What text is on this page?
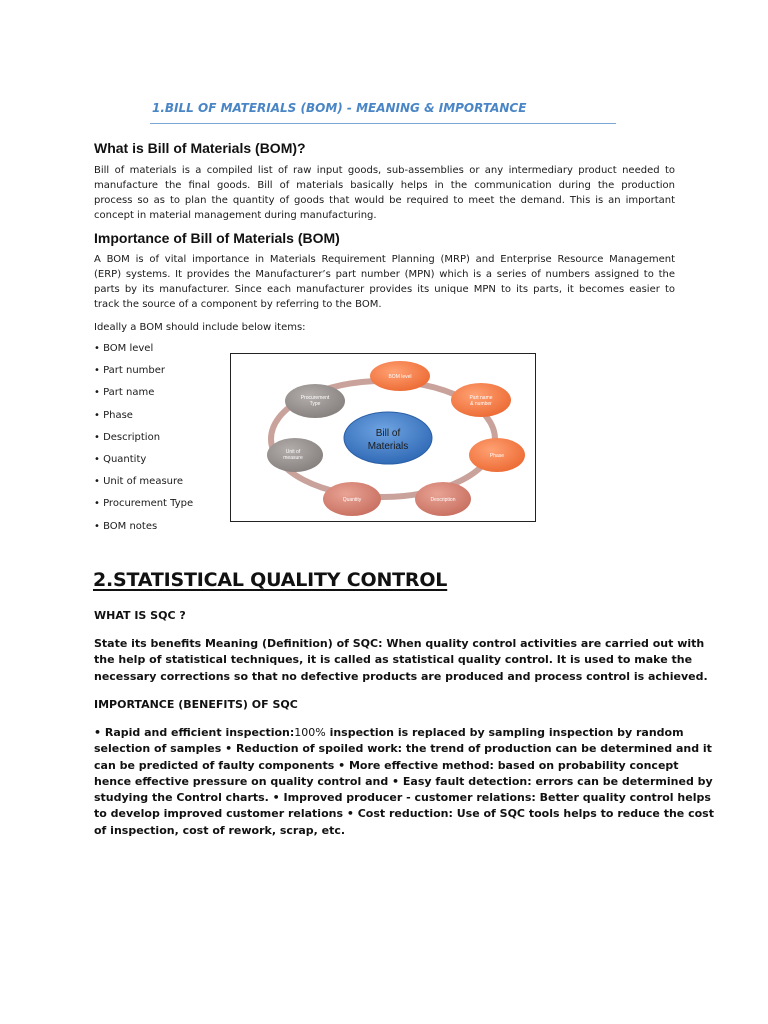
1.BILL OF MATERIALS (BOM) - MEANING & IMPORTANCE
What is Bill of Materials (BOM)?
Bill of materials is a compiled list of raw input goods, sub-assemblies or any intermediary product needed to
manufacture the final goods. Bill of materials basically helps in the communication during the production
process so as to plan the quantity of goods that would be required to meet the demand. This is an important
concept in material management during manufacturing.
Importance of Bill of Materials (BOM)
A BOM is of vital importance in Materials Requirement Planning (MRP) and Enterprise Resource Management
(ERP) systems. It provides the Manufacturer’s part number (MPN) which is a series of numbers assigned to the
parts by its manufacturer. Since each manufacturer provides its unique MPN to its parts, it becomes easier to
track the source of a component by referring to the BOM.
Ideally a BOM should include below items:
• BOM level
• Part number
• Part name
• Phase
• Description
• Quantity
• Unit of measure
• Procurement Type
• BOM notes
Bill of
Materials
BOM level
Part name
& number
Phase
Description
Quantity
Unit of
measure
Procurement
Type
2.STATISTICAL QUALITY CONTROL
WHAT IS SQC ?
State its benefits Meaning (Definition) of SQC: When quality control activities are carried out with
the help of statistical techniques, it is called as statistical quality control. It is used to make the
necessary corrections so that no defective products are produced and process control is achieved.
IMPORTANCE (BENEFITS) OF SQC
• Rapid and efficient inspection:100% inspection is replaced by sampling inspection by random
selection of samples • Reduction of spoiled work: the trend of production can be determined and it
can be predicted of faulty components • More effective method: based on probability concept
hence effective pressure on quality control and • Easy fault detection: errors can be determined by
studying the Control charts. • Improved producer - customer relations: Better quality control helps
to develop improved customer relations • Cost reduction: Use of SQC tools helps to reduce the cost
of inspection, cost of rework, scrap, etc.
